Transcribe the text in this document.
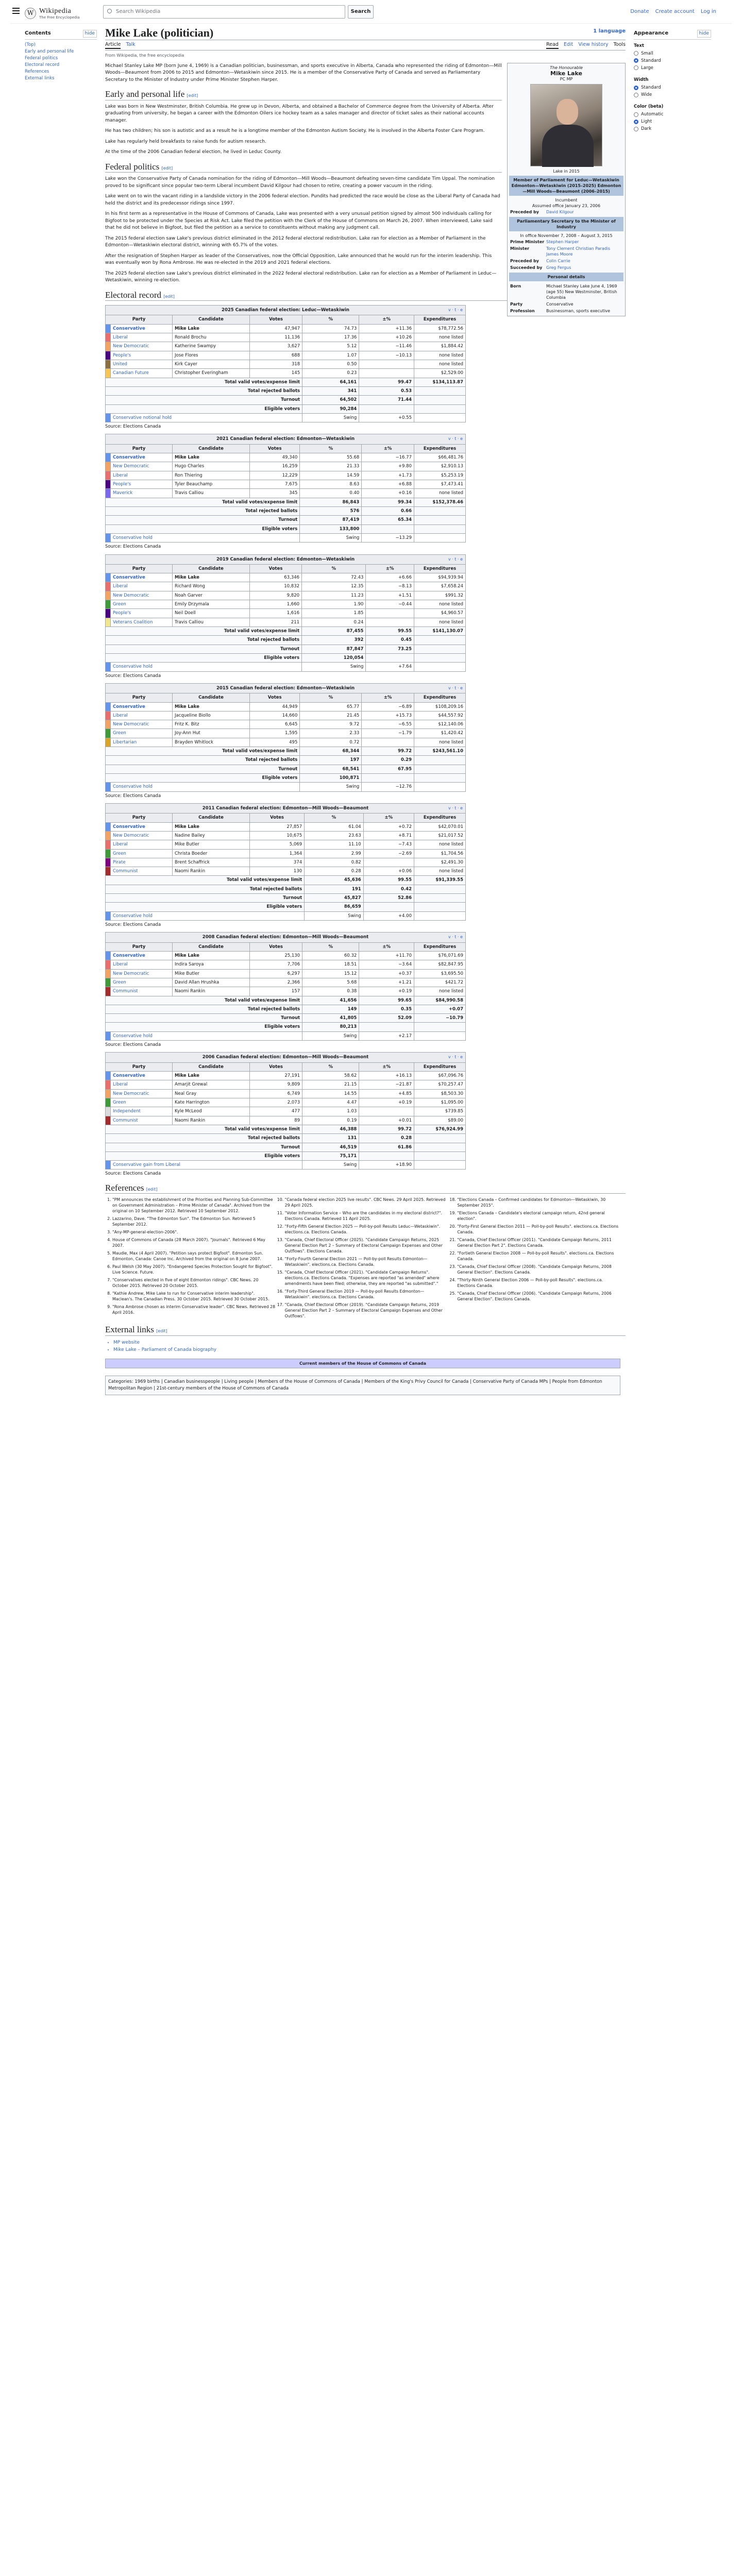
W Wikipedia
The Free Encyclopedia
Search Wikipedia	Search	Donate Create account Log in
Contents	hide
(Top)
Early and personal life
Federal politics
Electoral record
References
External links
Appearance	hide
Text
Small
Standard
Large
Width
Standard
Wide
Color (beta)
Automatic
Light
Dark
Mike Lake (politician)	1 language
Article Talk	Read Edit View history Tools
From Wikipedia, the free encyclopedia

Michael Stanley Lake MP (born June 4, 1969) is a Canadian politician, businessman, and sports executive in Alberta, Canada who represented the riding of Edmonton—Mill Woods—Beaumont from 2006 to 2015 and Edmonton—Wetaskiwin since 2015. He is a member of the Conservative Party of Canada and served as Parliamentary Secretary to the Minister of Industry under Prime Minister Stephen Harper.

Early and personal life [edit]

Lake was born in New Westminster, British Columbia. He grew up in Devon, Alberta, and obtained a Bachelor of Commerce degree from the University of Alberta. After graduating from university, he began a career with the Edmonton Oilers ice hockey team as a sales manager and director of ticket sales as their national accounts manager.

He has two children; his son is autistic and as a result he is a longtime member of the Edmonton Autism Society. He is involved in the Alberta Foster Care Program.

Lake has regularly held breakfasts to raise funds for autism research.

At the time of the 2006 Canadian federal election, he lived in Leduc County.

Federal politics [edit]

Lake won the Conservative Party of Canada nomination for the riding of Edmonton—Mill Woods—Beaumont defeating seven-time candidate Tim Uppal. The nomination proved to be significant since popular two-term Liberal incumbent David Kilgour had chosen to retire, creating a power vacuum in the riding.

Lake went on to win the vacant riding in a landslide victory in the 2006 federal election. Pundits had predicted the race would be close as the Liberal Party of Canada had held the district and its predecessor ridings since 1997.

In his first term as a representative in the House of Commons of Canada, Lake was presented with a very unusual petition signed by almost 500 individuals calling for Bigfoot to be protected under the Species at Risk Act. Lake filed the petition with the Clerk of the House of Commons on March 26, 2007. When interviewed, Lake said that he did not believe in Bigfoot, but filed the petition as a service to constituents without making any judgment call.

The 2015 federal election saw Lake's previous district eliminated in the 2012 federal electoral redistribution. Lake ran for election as a Member of Parliament in the Edmonton—Wetaskiwin electoral district, winning with 65.7% of the votes.

After the resignation of Stephen Harper as leader of the Conservatives, now the Official Opposition, Lake announced that he would run for the interim leadership. This was eventually won by Rona Ambrose. He was re-elected in the 2019 and 2021 federal elections.

The 2025 federal election saw Lake's previous district eliminated in the 2022 federal electoral redistribution. Lake ran for election as a Member of Parliament in Leduc—Wetaskiwin, winning re-election.

The Honourable
Mike Lake
PC MP
Lake in 2015
Member of Parliament for Leduc—Wetaskiwin Edmonton—Wetaskiwin (2015–2025) Edmonton—Mill Woods—Beaumont (2006–2015)
Incumbent
Assumed office January 23, 2006
Preceded by	David Kilgour
Parliamentary Secretary to the Minister of Industry
In office November 7, 2008 – August 3, 2015
Prime Minister Stephen Harper
Minister	Tony Clement Christian Paradis James Moore
Preceded by	Colin Carrie
Succeeded by Greg Fergus
Personal details
Born	Michael Stanley Lake June 4, 1969 (age 55) New Westminster, British Columbia
Party	Conservative
Profession	Businessman, sports executive
Electoral record [edit]
2025 Canadian federal election: Leduc—Wetaskiwin	v · t · e
Party		Candidate	Votes	%	±%	Expenditures
	Conservative	Mike Lake	47,947	74.73	+11.36	$78,772.56
	Liberal	Ronald Brochu	11,136	17.36	+10.26	none listed
	New Democratic	Katherine Swampy	3,627	5.12	−11.46	$1,884.42
	People's	Jose Flores	688	1.07	−10.13	none listed
	United	Kirk Cayer	318	0.50		none listed
	Canadian Future	Christopher Everingham	145	0.23		$2,529.00
Total valid votes/expense limit				64,161	99.47	$134,113.87
Total rejected ballots				341	0.53	
Turnout				64,502	71.44	
Eligible voters				90,284		
	Conservative notional hold			Swing	+0.55	
Source: Elections Canada
2021 Canadian federal election: Edmonton—Wetaskiwin	v · t · e
Party		Candidate	Votes	%	±%	Expenditures
	Conservative	Mike Lake	49,340	55.68	−16.77	$66,481.76
	New Democratic	Hugo Charles	16,259	21.33	+9.80	$2,910.13
	Liberal	Ron Thiering	12,229	14.59	+1.73	$5,253.19
	People's	Tyler Beauchamp	7,675	8.63	+6.88	$7,473.41
	Maverick	Travis Calliou	345	0.40	+0.16	none listed
Total valid votes/expense limit				86,843	99.34	$152,378.46
Total rejected ballots				576	0.66	
Turnout				87,419	65.34	
Eligible voters				133,800		
	Conservative hold			Swing	−13.29	
Source: Elections Canada
2019 Canadian federal election: Edmonton—Wetaskiwin	v · t · e
Party		Candidate	Votes	%	±%	Expenditures
	Conservative	Mike Lake	63,346	72.43	+6.66	$94,939.94
	Liberal	Richard Wong	10,832	12.35	−8.13	$7,658.24
	New Democratic	Noah Garver	9,820	11.23	+1.51	$991.32
	Green	Emily Drzymala	1,660	1.90	−0.44	none listed
	People's	Neil Doell	1,616	1.85		$4,960.57
	Veterans Coalition	Travis Calliou	211	0.24		none listed
Total valid votes/expense limit				87,455	99.55	$141,130.07
Total rejected ballots				392	0.45	
Turnout				87,847	73.25	
Eligible voters				120,054		
	Conservative hold			Swing	+7.64	
Source: Elections Canada
2015 Canadian federal election: Edmonton—Wetaskiwin	v · t · e
Party		Candidate	Votes	%	±%	Expenditures
	Conservative	Mike Lake	44,949	65.77	−6.89	$108,209.16
	Liberal	Jacqueline Biollo	14,660	21.45	+15.73	$44,557.92
	New Democratic	Fritz K. Bitz	6,645	9.72	−6.55	$12,140.06
	Green	Joy-Ann Hut	1,595	2.33	−1.79	$1,420.42
	Libertarian	Brayden Whitlock	495	0.72		none listed
Total valid votes/expense limit				68,344	99.72	$243,561.10
Total rejected ballots				197	0.29	
Turnout				68,541	67.95	
Eligible voters				100,871		
	Conservative hold			Swing	−12.76	
Source: Elections Canada
2011 Canadian federal election: Edmonton—Mill Woods—Beaumont	v · t · e
Party		Candidate	Votes	%	±%	Expenditures
	Conservative	Mike Lake	27,857	61.04	+0.72	$42,070.01
	New Democratic	Nadine Bailey	10,675	23.63	+8.71	$21,017.52
	Liberal	Mike Butler	5,069	11.10	−7.43	none listed
	Green	Christa Boeder	1,364	2.99	−2.69	$1,704.56
	Pirate	Brent Schaffrick	374	0.82		$2,491.30
	Communist	Naomi Rankin	130	0.28	+0.06	none listed
Total valid votes/expense limit				45,636	99.55	$91,339.55
Total rejected ballots				191	0.42	
Turnout				45,827	52.86	
Eligible voters				86,659		
	Conservative hold			Swing	+4.00	
Source: Elections Canada
2008 Canadian federal election: Edmonton—Mill Woods—Beaumont	v · t · e
Party		Candidate	Votes	%	±%	Expenditures
	Conservative	Mike Lake	25,130	60.32	+11.70	$76,071.69
	Liberal	Indira Saroya	7,706	18.51	−3.64	$82,847.95
	New Democratic	Mike Butler	6,297	15.12	+0.37	$3,695.50
	Green	David Allan Hrushka	2,366	5.68	+1.21	$421.72
	Communist	Naomi Rankin	157	0.38	+0.19	none listed
Total valid votes/expense limit				41,656	99.65	$84,990.58
Total rejected ballots				149	0.35	+0.07
Turnout				41,805	52.09	−10.79
Eligible voters				80,213		
	Conservative hold			Swing	+2.17	
Source: Elections Canada
2006 Canadian federal election: Edmonton—Mill Woods—Beaumont	v · t · e
Party		Candidate	Votes	%	±%	Expenditures
	Conservative	Mike Lake	27,191	58.62	+16.13	$67,096.76
	Liberal	Amarjit Grewal	9,809	21.15	−21.87	$70,257.47
	New Democratic	Neal Gray	6,749	14.55	+4.85	$8,503.30
	Green	Kate Harrington	2,073	4.47	+0.19	$1,095.00
	Independent	Kyle McLeod	477	1.03		$739.85
	Communist	Naomi Rankin	89	0.19	+0.01	$89.00
Total valid votes/expense limit				46,388	99.72	$76,924.99
Total rejected ballots				131	0.28	
Turnout				46,519	61.86	
Eligible voters				75,171		
	Conservative gain from Liberal			Swing	+18.90	
Source: Elections Canada
References [edit]
1. "PM announces the establishment of the Priorities and Planning Sub-Committee on Government Administration – Prime Minister of Canada". Archived from the original on 10 September 2012. Retrieved 10 September 2012.
2. Lazzarino, Dave. "The Edmonton Sun". The Edmonton Sun. Retrieved 5 September 2012.
3. "Any-MP-general-election-2006".
4. House of Commons of Canada (28 March 2007). "Journals". Retrieved 6 May 2007.
5. Maudie, Max (4 April 2007). "Petition says protect Bigfoot". Edmonton Sun. Edmonton, Canada: Canoe Inc. Archived from the original on 8 June 2007.
6. Paul Welsh (30 May 2007). "Endangered Species Protection Sought for Bigfoot". Live Science. Future.
7. "Conservatives elected in five of eight Edmonton ridings". CBC News. 20 October 2015. Retrieved 20 October 2015.
8. "Kathie Andrew, Mike Lake to run for Conservative interim leadership". Maclean's. The Canadian Press. 30 October 2015. Retrieved 30 October 2015.
9. "Rona Ambrose chosen as interim Conservative leader". CBC News. Retrieved 28 April 2016.
10. "Canada federal election 2025 live results". CBC News. 29 April 2025. Retrieved 29 April 2025.
11. "Voter Information Service – Who are the candidates in my electoral district?". Elections Canada. Retrieved 11 April 2025.
12. "Forty-Fifth General Election 2025 — Poll-by-poll Results Leduc—Wetaskiwin". elections.ca. Elections Canada.
13. "Canada, Chief Electoral Officer (2025). "Candidate Campaign Returns, 2025 General Election Part 2 – Summary of Electoral Campaign Expenses and Other Outflows". Elections Canada.
14. "Forty-Fourth General Election 2021 — Poll-by-poll Results Edmonton—Wetaskiwin". elections.ca. Elections Canada.
15. "Canada, Chief Electoral Officer (2021). "Candidate Campaign Returns". elections.ca. Elections Canada. "Expenses are reported "as amended" where amendments have been filed; otherwise, they are reported "as submitted"."
16. "Forty-Third General Election 2019 — Poll-by-poll Results Edmonton—Wetaskiwin". elections.ca. Elections Canada.
17. "Canada, Chief Electoral Officer (2019). "Candidate Campaign Returns, 2019 General Election Part 2 – Summary of Electoral Campaign Expenses and Other Outflows".
18. "Elections Canada – Confirmed candidates for Edmonton—Wetaskiwin, 30 September 2015".
19. "Elections Canada – Candidate's electoral campaign return, 42nd general election".
20. "Forty-First General Election 2011 — Poll-by-poll Results". elections.ca. Elections Canada.
21. "Canada, Chief Electoral Officer (2011). "Candidate Campaign Returns, 2011 General Election Part 2". Elections Canada.
22. "Fortieth General Election 2008 — Poll-by-poll Results". elections.ca. Elections Canada.
23. "Canada, Chief Electoral Officer (2008). "Candidate Campaign Returns, 2008 General Election". Elections Canada.
24. "Thirty-Ninth General Election 2006 — Poll-by-poll Results". elections.ca. Elections Canada.
25. "Canada, Chief Electoral Officer (2006). "Candidate Campaign Returns, 2006 General Election". Elections Canada.
External links [edit]
• MP website
• Mike Lake – Parliament of Canada biography
Current members of the House of Commons of Canada
Categories: 1969 births | Canadian businesspeople | Living people | Members of the House of Commons of Canada | Members of the King's Privy Council for Canada | Conservative Party of Canada MPs | People from Edmonton Metropolitan Region | 21st-century members of the House of Commons of Canada
